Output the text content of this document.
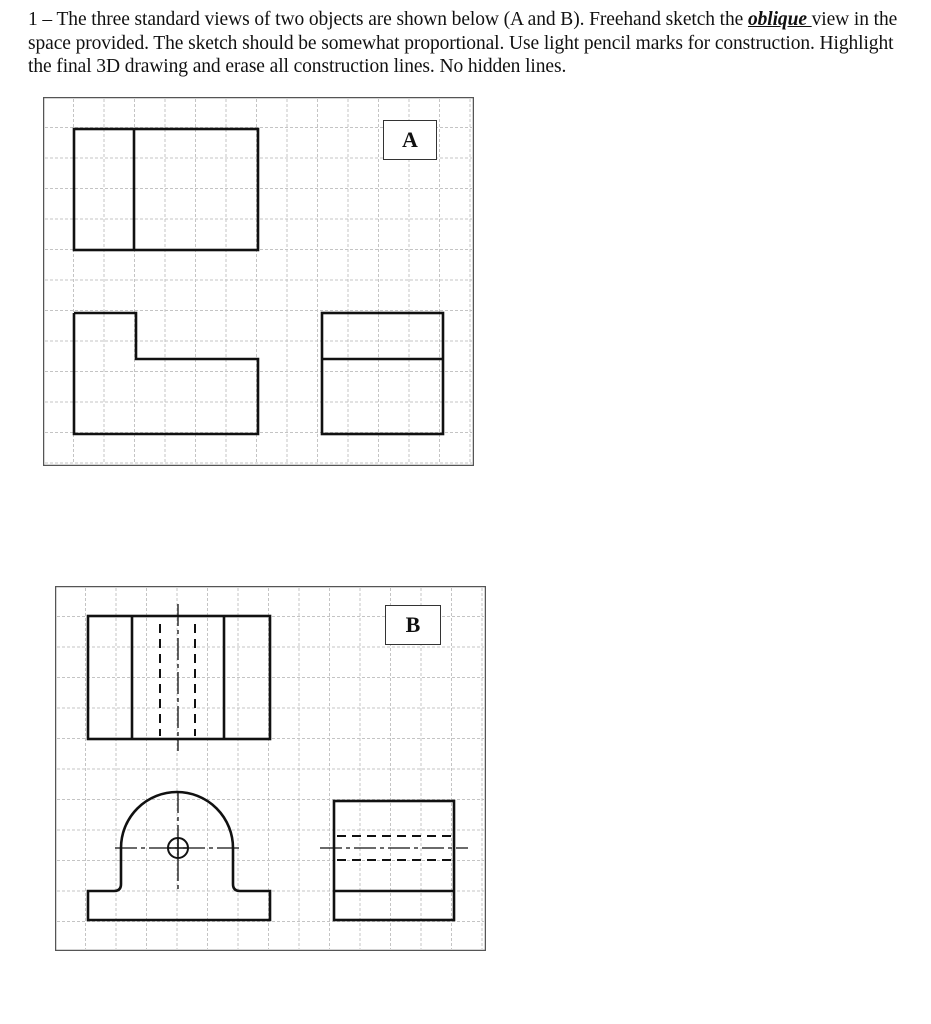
1 – The three standard views of two objects are shown below (A and B). Freehand sketch the oblique view in the space provided. The sketch should be somewhat proportional. Use light pencil marks for construction. Highlight the final 3D drawing and erase all construction lines. No hidden lines.
A
B
